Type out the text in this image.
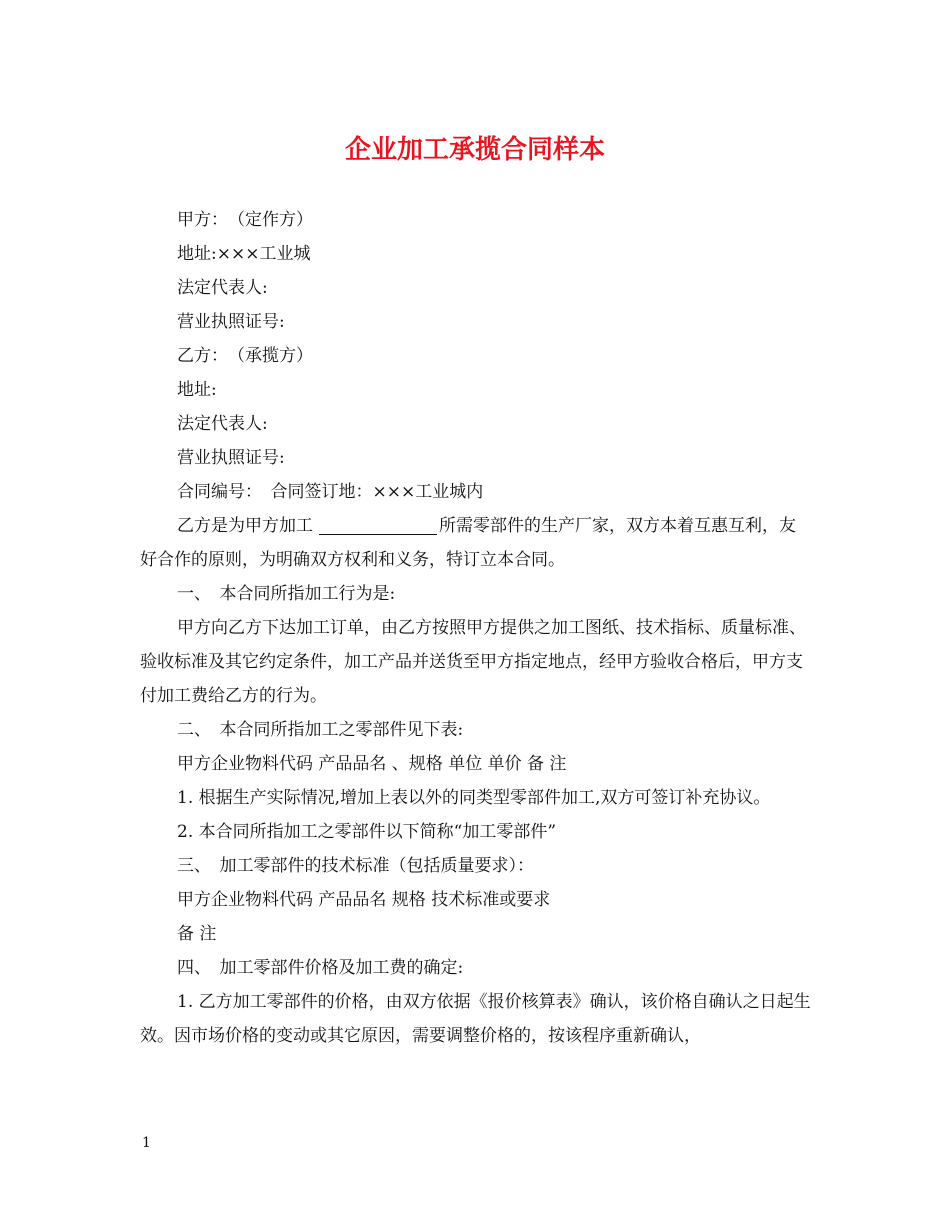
企业加工承揽合同样本

甲方：　（定作方）

地址:×××工业城

法定代表人:

营业执照证号:

乙方：　（承揽方）

地址:

法定代表人:

营业执照证号:

合同编号：　合同签订地：×××工业城内

乙方是为甲方加工	所需零部件的生产厂家，双方本着互惠互利，友好合作的原则，为明确双方权利和义务，特订立本合同。

一、　本合同所指加工行为是:

甲方向乙方下达加工订单，由乙方按照甲方提供之加工图纸、技术指标、质量标准、验收标准及其它约定条件，加工产品并送货至甲方指定地点，经甲方验收合格后，甲方支付加工费给乙方的行为。

二、　本合同所指加工之零部件见下表:

甲方企业物料代码 产品品名 、规格 单位 单价 备 注

1. 根据生产实际情况,增加上表以外的同类型零部件加工,双方可签订补充协议。

2. 本合同所指加工之零部件以下简称“加工零部件”

三、　加工零部件的技术标准（包括质量要求）：

甲方企业物料代码 产品品名 规格 技术标准或要求

备 注

四、　加工零部件价格及加工费的确定:

1. 乙方加工零部件的价格，由双方依据《报价核算表》确认，该价格自确认之日起生效。因市场价格的变动或其它原因，需要调整价格的，按该程序重新确认，

1
